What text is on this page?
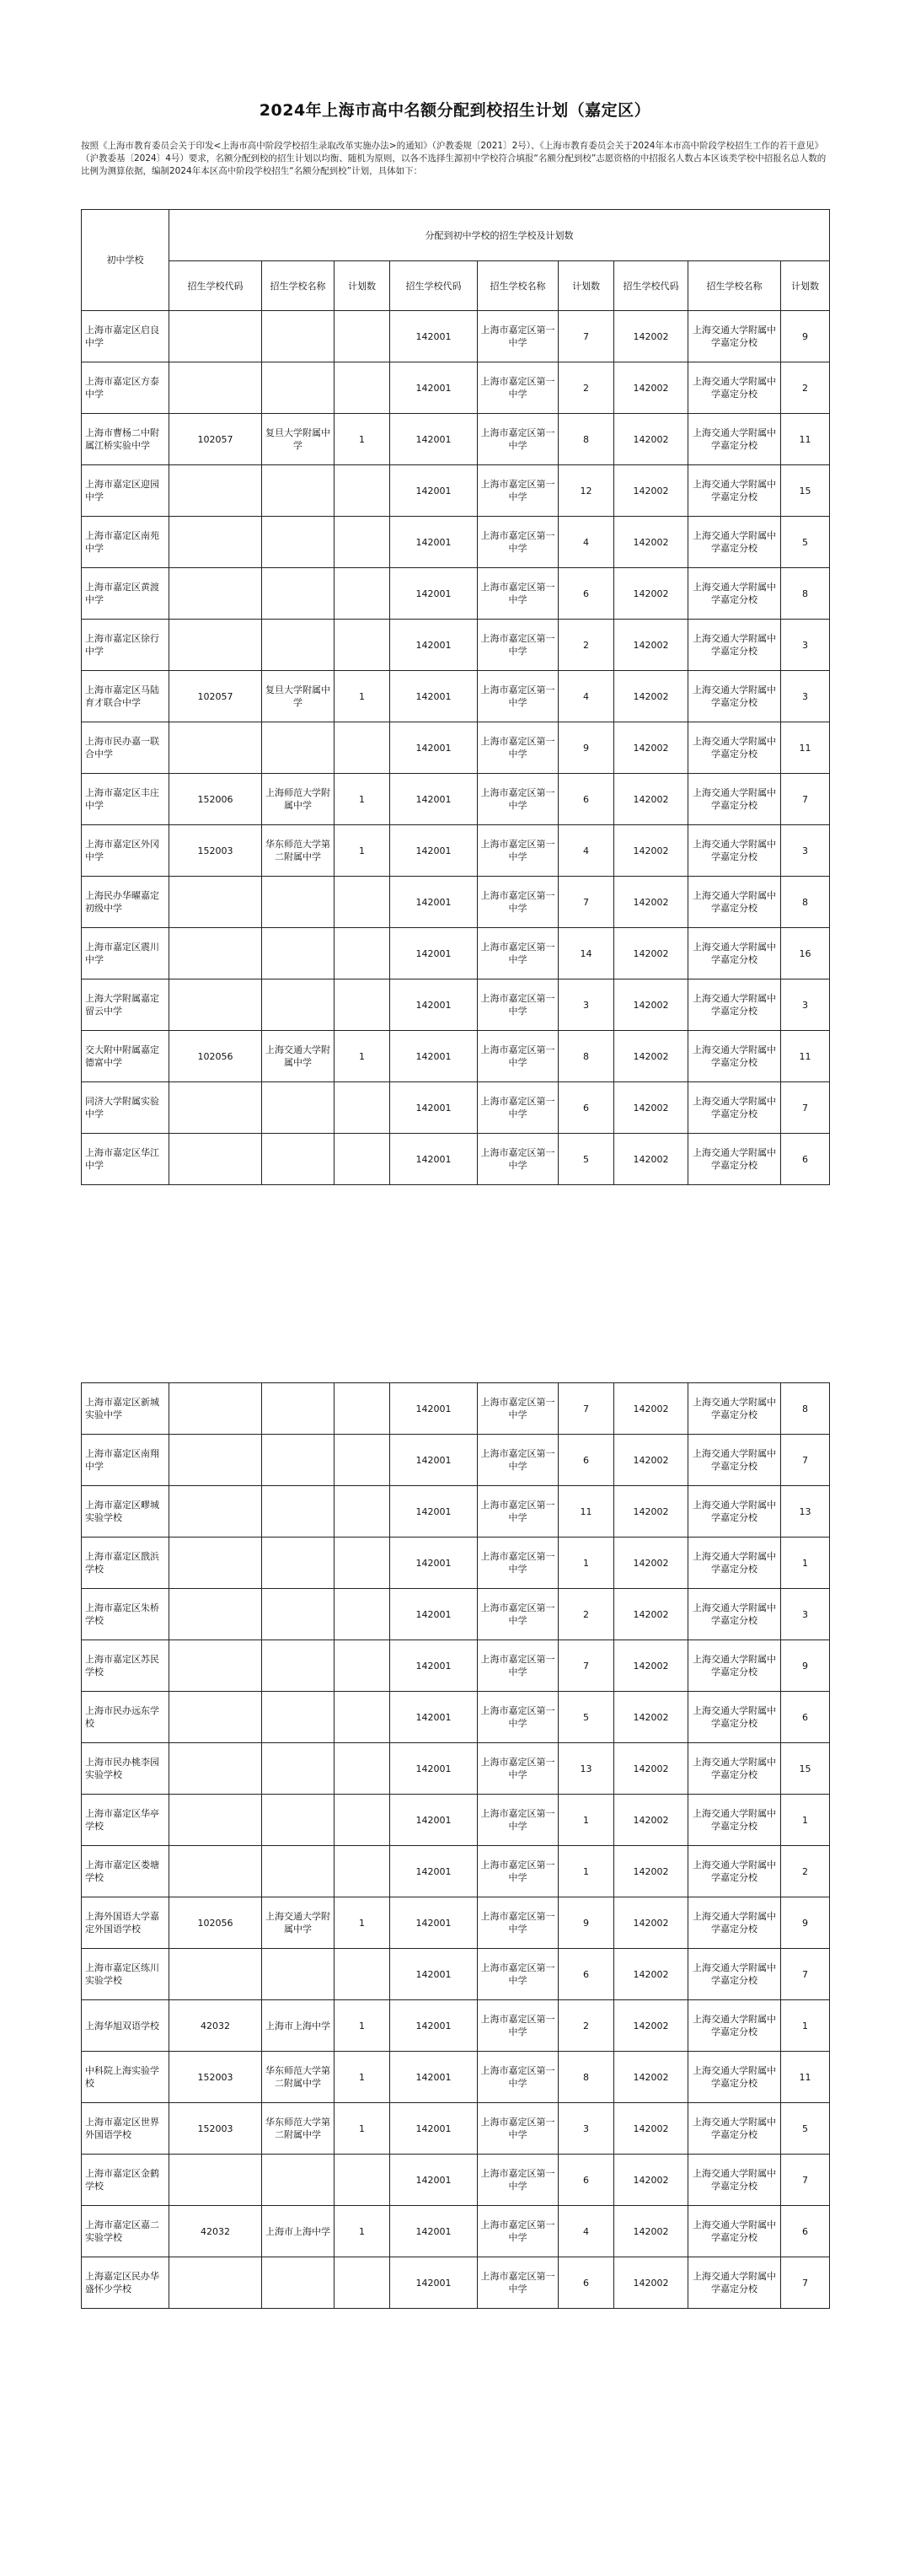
2024年上海市高中名额分配到校招生计划（嘉定区）
按照《上海市教育委员会关于印发<上海市高中阶段学校招生录取改革实施办法>的通知》（沪教委规〔2021〕2号）、《上海市教育委员会关于2024年本市高中阶段学校招生工作的若干意见》（沪教委基〔2024〕4号）要求，名额分配到校的招生计划以均衡、随机为原则，以各不选择生源初中学校符合填报“名额分配到校”志愿资格的中招报名人数占本区该类学校中招报名总人数的比例为测算依据，编制2024年本区高中阶段学校招生“名额分配到校”计划，具体如下：
初中学校	分配到初中学校的招生学校及计划数								
	招生学校代码	招生学校名称	计划数	招生学校代码	招生学校名称	计划数	招生学校代码	招生学校名称	计划数
上海市嘉定区启良中学				142001	上海市嘉定区第一中学	7	142002	上海交通大学附属中学嘉定分校	9
上海市嘉定区方泰中学				142001	上海市嘉定区第一中学	2	142002	上海交通大学附属中学嘉定分校	2
上海市曹杨二中附属江桥实验中学	102057	复旦大学附属中学	1	142001	上海市嘉定区第一中学	8	142002	上海交通大学附属中学嘉定分校	11
上海市嘉定区迎园中学				142001	上海市嘉定区第一中学	12	142002	上海交通大学附属中学嘉定分校	15
上海市嘉定区南苑中学				142001	上海市嘉定区第一中学	4	142002	上海交通大学附属中学嘉定分校	5
上海市嘉定区黄渡中学				142001	上海市嘉定区第一中学	6	142002	上海交通大学附属中学嘉定分校	8
上海市嘉定区徐行中学				142001	上海市嘉定区第一中学	2	142002	上海交通大学附属中学嘉定分校	3
上海市嘉定区马陆育才联合中学	102057	复旦大学附属中学	1	142001	上海市嘉定区第一中学	4	142002	上海交通大学附属中学嘉定分校	3
上海市民办嘉一联合中学				142001	上海市嘉定区第一中学	9	142002	上海交通大学附属中学嘉定分校	11
上海市嘉定区丰庄中学	152006	上海师范大学附属中学	1	142001	上海市嘉定区第一中学	6	142002	上海交通大学附属中学嘉定分校	7
上海市嘉定区外冈中学	152003	华东师范大学第二附属中学	1	142001	上海市嘉定区第一中学	4	142002	上海交通大学附属中学嘉定分校	3
上海民办华曜嘉定初级中学				142001	上海市嘉定区第一中学	7	142002	上海交通大学附属中学嘉定分校	8
上海市嘉定区震川中学				142001	上海市嘉定区第一中学	14	142002	上海交通大学附属中学嘉定分校	16
上海大学附属嘉定留云中学				142001	上海市嘉定区第一中学	3	142002	上海交通大学附属中学嘉定分校	3
交大附中附属嘉定德富中学	102056	上海交通大学附属中学	1	142001	上海市嘉定区第一中学	8	142002	上海交通大学附属中学嘉定分校	11
同济大学附属实验中学				142001	上海市嘉定区第一中学	6	142002	上海交通大学附属中学嘉定分校	7
上海市嘉定区华江中学				142001	上海市嘉定区第一中学	5	142002	上海交通大学附属中学嘉定分校	6
上海市嘉定区新城实验中学				142001	上海市嘉定区第一中学	7	142002	上海交通大学附属中学嘉定分校	8
上海市嘉定区南翔中学				142001	上海市嘉定区第一中学	6	142002	上海交通大学附属中学嘉定分校	7
上海市嘉定区疁城实验学校				142001	上海市嘉定区第一中学	11	142002	上海交通大学附属中学嘉定分校	13
上海市嘉定区戬浜学校				142001	上海市嘉定区第一中学	1	142002	上海交通大学附属中学嘉定分校	1
上海市嘉定区朱桥学校				142001	上海市嘉定区第一中学	2	142002	上海交通大学附属中学嘉定分校	3
上海市嘉定区苏民学校				142001	上海市嘉定区第一中学	7	142002	上海交通大学附属中学嘉定分校	9
上海市民办远东学校				142001	上海市嘉定区第一中学	5	142002	上海交通大学附属中学嘉定分校	6
上海市民办桃李园实验学校				142001	上海市嘉定区第一中学	13	142002	上海交通大学附属中学嘉定分校	15
上海市嘉定区华亭学校				142001	上海市嘉定区第一中学	1	142002	上海交通大学附属中学嘉定分校	1
上海市嘉定区娄塘学校				142001	上海市嘉定区第一中学	1	142002	上海交通大学附属中学嘉定分校	2
上海外国语大学嘉定外国语学校	102056	上海交通大学附属中学	1	142001	上海市嘉定区第一中学	9	142002	上海交通大学附属中学嘉定分校	9
上海市嘉定区练川实验学校				142001	上海市嘉定区第一中学	6	142002	上海交通大学附属中学嘉定分校	7
上海华旭双语学校	42032	上海市上海中学	1	142001	上海市嘉定区第一中学	2	142002	上海交通大学附属中学嘉定分校	1
中科院上海实验学校	152003	华东师范大学第二附属中学	1	142001	上海市嘉定区第一中学	8	142002	上海交通大学附属中学嘉定分校	11
上海市嘉定区世界外国语学校	152003	华东师范大学第二附属中学	1	142001	上海市嘉定区第一中学	3	142002	上海交通大学附属中学嘉定分校	5
上海市嘉定区金鹤学校				142001	上海市嘉定区第一中学	6	142002	上海交通大学附属中学嘉定分校	7
上海市嘉定区嘉二实验学校	42032	上海市上海中学	1	142001	上海市嘉定区第一中学	4	142002	上海交通大学附属中学嘉定分校	6
上海嘉定区民办华盛怀少学校				142001	上海市嘉定区第一中学	6	142002	上海交通大学附属中学嘉定分校	7
